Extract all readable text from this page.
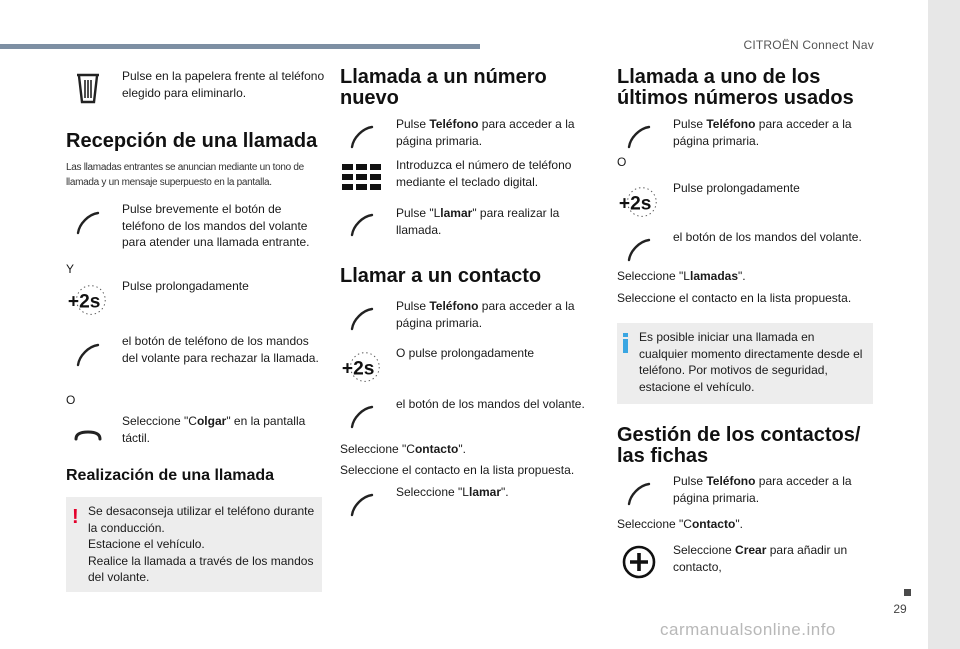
CITROËN Connect Nav
29
carmanualsonline.info
Pulse en la papelera frente al teléfono elegido para eliminarlo.
Recepción de una llamada
Las llamadas entrantes se anuncian mediante un tono de llamada y un mensaje superpuesto en la pantalla.
Pulse brevemente el botón de teléfono de los mandos del volante para atender una llamada entrante.
Y
+2s
Pulse prolongadamente
el botón de teléfono de los mandos del volante para rechazar la llamada.
O
Seleccione "Colgar" en la pantalla táctil.
Realización de una llamada
! Se desaconseja utilizar el teléfono durante la conducción.
Estacione el vehículo.
Realice la llamada a través de los mandos del volante.
Llamada a un número nuevo
Pulse Teléfono para acceder a la página primaria.
Introduzca el número de teléfono mediante el teclado digital.
Pulse "Llamar" para realizar la llamada.
Llamar a un contacto
Pulse Teléfono para acceder a la página primaria.
+2s
O pulse prolongadamente
el botón de los mandos del volante.
Seleccione "Contacto".
Seleccione el contacto en la lista propuesta.
Seleccione "Llamar".
Llamada a uno de los últimos números usados
Pulse Teléfono para acceder a la página primaria.
O
+2s
Pulse prolongadamente
el botón de los mandos del volante.
Seleccione "Llamadas".
Seleccione el contacto en la lista propuesta.
Es posible iniciar una llamada en cualquier momento directamente desde el teléfono. Por motivos de seguridad, estacione el vehículo.
Gestión de los contactos/ las fichas
Pulse Teléfono para acceder a la página primaria.
Seleccione "Contacto".
Seleccione Crear para añadir un contacto,
